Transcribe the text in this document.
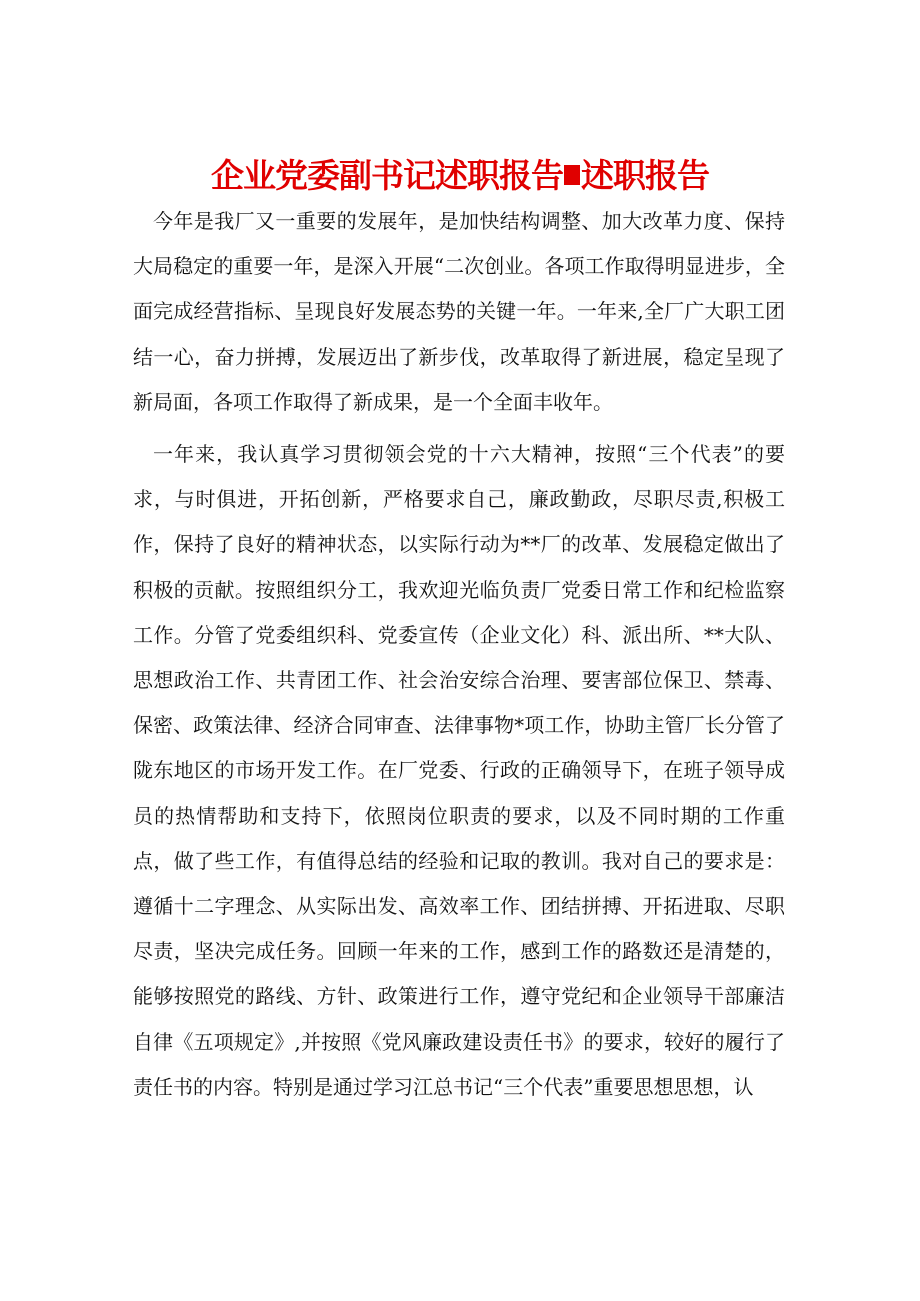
企业党委副书记述职报告 述职报告

今年是我厂又一重要的发展年，是加快结构调整、加大改革力度、保持大局稳定的重要一年，是深入开展“二次创业。各项工作取得明显进步，全面完成经营指标、呈现良好发展态势的关键一年。一年来,全厂广大职工团结一心，奋力拼搏，发展迈出了新步伐，改革取得了新进展，稳定呈现了新局面，各项工作取得了新成果，是一个全面丰收年。

一年来，我认真学习贯彻领会党的十六大精神，按照“三个代表”的要求，与时俱进，开拓创新，严格要求自己，廉政勤政，尽职尽责,积极工作，保持了良好的精神状态，以实际行动为**厂的改革、发展稳定做出了积极的贡献。按照组织分工，我欢迎光临负责厂党委日常工作和纪检监察工作。分管了党委组织科、党委宣传（企业文化）科、派出所、**大队、思想政治工作、共青团工作、社会治安综合治理、要害部位保卫、禁毒、保密、政策法律、经济合同审查、法律事物*项工作，协助主管厂长分管了陇东地区的市场开发工作。在厂党委、行政的正确领导下，在班子领导成员的热情帮助和支持下，依照岗位职责的要求，以及不同时期的工作重点，做了些工作，有值得总结的经验和记取的教训。我对自己的要求是：遵循十二字理念、从实际出发、高效率工作、团结拼搏、开拓进取、尽职尽责，坚决完成任务。回顾一年来的工作，感到工作的路数还是清楚的，能够按照党的路线、方针、政策进行工作，遵守党纪和企业领导干部廉洁自律《五项规定》,并按照《党风廉政建设责任书》的要求，较好的履行了责任书的内容。特别是通过学习江总书记“三个代表”重要思想思想，认
